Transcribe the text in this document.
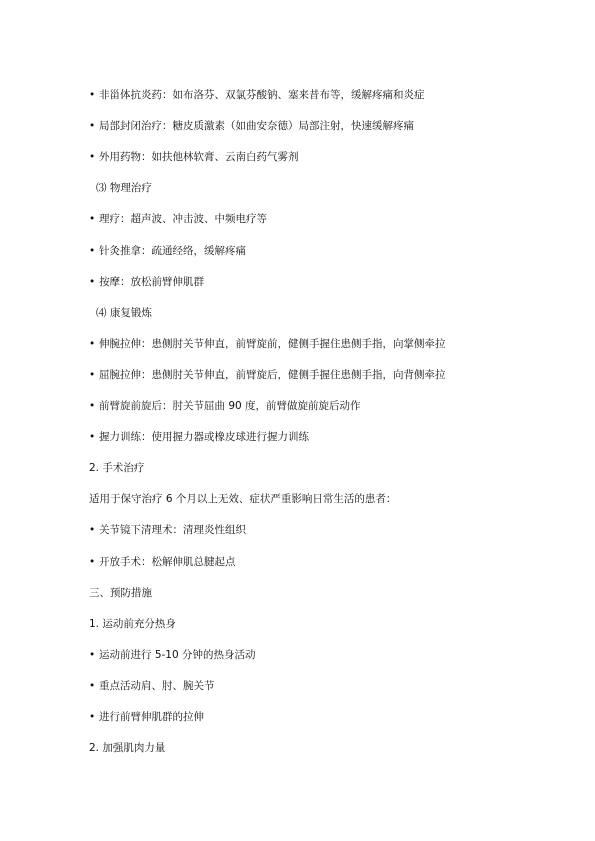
• 非甾体抗炎药：如布洛芬、双氯芬酸钠、塞来昔布等，缓解疼痛和炎症
• 局部封闭治疗：糖皮质激素（如曲安奈德）局部注射，快速缓解疼痛
• 外用药物：如扶他林软膏、云南白药气雾剂
⑶ 物理治疗
• 理疗：超声波、冲击波、中频电疗等
• 针灸推拿：疏通经络，缓解疼痛
• 按摩：放松前臂伸肌群
⑷ 康复锻炼
• 伸腕拉伸：患侧肘关节伸直，前臂旋前，健侧手握住患侧手指，向掌侧牵拉
• 屈腕拉伸：患侧肘关节伸直，前臂旋后，健侧手握住患侧手指，向背侧牵拉
• 前臂旋前旋后：肘关节屈曲 90 度，前臂做旋前旋后动作
• 握力训练：使用握力器或橡皮球进行握力训练
2. 手术治疗
适用于保守治疗 6 个月以上无效、症状严重影响日常生活的患者：
• 关节镜下清理术：清理炎性组织
• 开放手术：松解伸肌总腱起点
三、预防措施
1. 运动前充分热身
• 运动前进行 5-10 分钟的热身活动
• 重点活动肩、肘、腕关节
• 进行前臂伸肌群的拉伸
2. 加强肌肉力量
